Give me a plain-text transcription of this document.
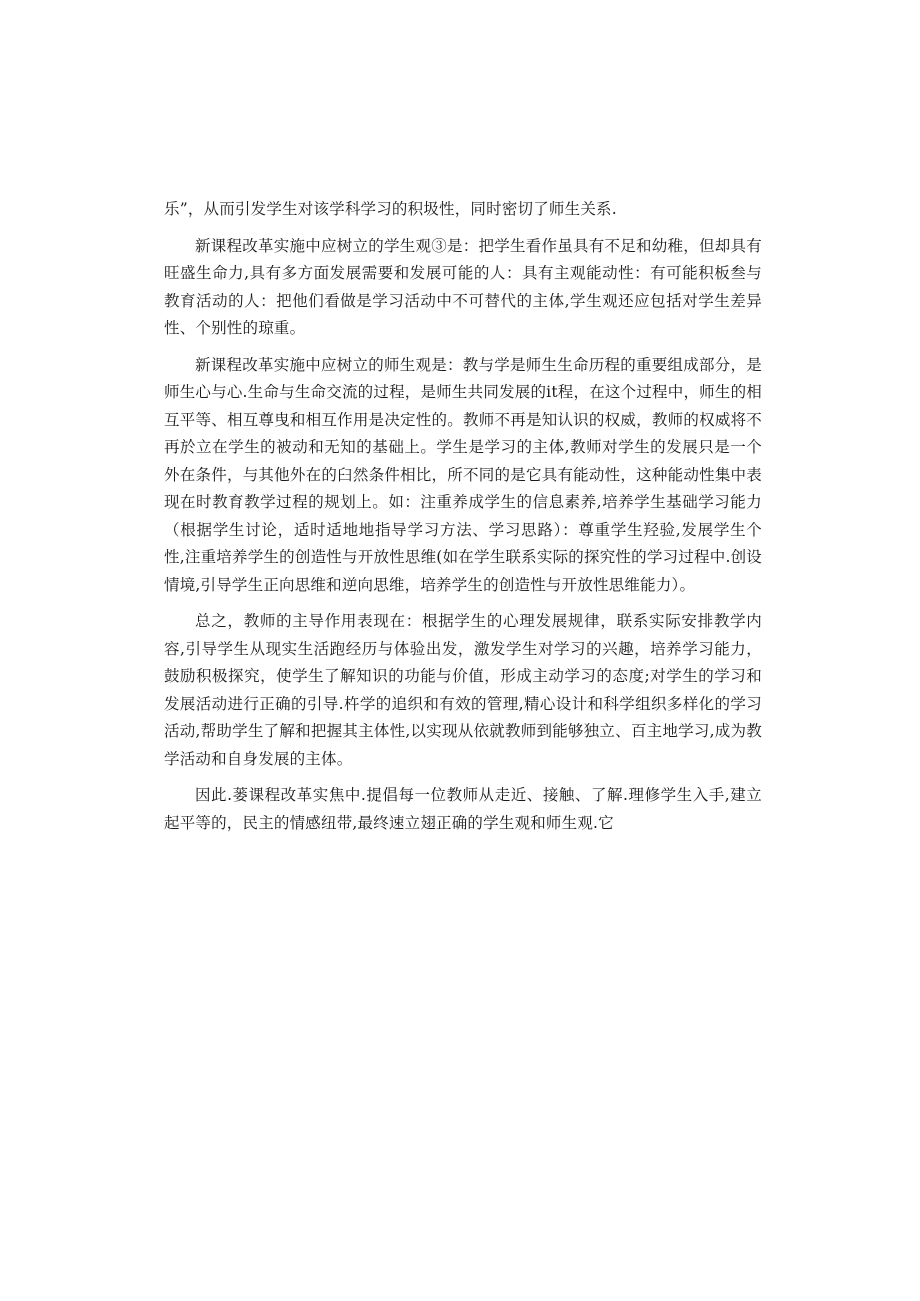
乐”，从而引发学生对该学科学习的积圾性，同时密切了师生关系.

新课程改革实施中应树立的学生观③是：把学生看作虽具有不足和幼稚，但却具有旺盛生命力,具有多方面发展需要和发展可能的人：具有主观能动性：有可能积板叁与教育活动的人：把他们看做是学习活动中不可替代的主体,学生观还应包括对学生差异性、个别性的琼重。

新课程改革实施中应树立的师生观是：教与学是师生生命历程的重要组成部分，是师生心与心.生命与生命交流的过程，是师生共同发展的it程，在这个过程中，师生的相互平等、相互尊曳和相互作用是决定性的。教师不再是知认识的权威，教师的权威将不再於立在学生的被动和无知的基础上。学生是学习的主体,教师对学生的发展只是一个外在条件，与其他外在的臼然条件相比，所不同的是它具有能动性，这种能动性集中表现在时教育教学过程的规划上。如：注重养成学生的信息素养,培养学生基础学习能力（根据学生讨论，适时适地地指导学习方法、学习思路）：尊重学生羟验,发展学生个性,注重培养学生的创造性与开放性思维(如在学生联系实际的探究性的学习过程中.创设情境,引导学生正向思维和逆向思维，培养学生的创造性与开放性思维能力）。

总之，教师的主导作用表现在：根据学生的心理发展规律，联系实际安排教学内容,引导学生从现实生活跑经历与体验出发，激发学生对学习的兴趣，培养学习能力，鼓励积极探究，使学生了解知识的功能与价值，形成主动学习的态度;对学生的学习和发展活动进行正确的引导.杵学的追织和有效的管理,精心设计和科学组织多样化的学习活动,帮助学生了解和把握其主体性,以实现从依就教师到能够独立、百主地学习,成为教学活动和自身发展的主体。

因此.蒌课程改革实焦中.提倡每一位教师从走近、接触、了解.理修学生入手,建立起平等的，民主的情感纽带,最终速立翅正确的学生观和师生观.它
